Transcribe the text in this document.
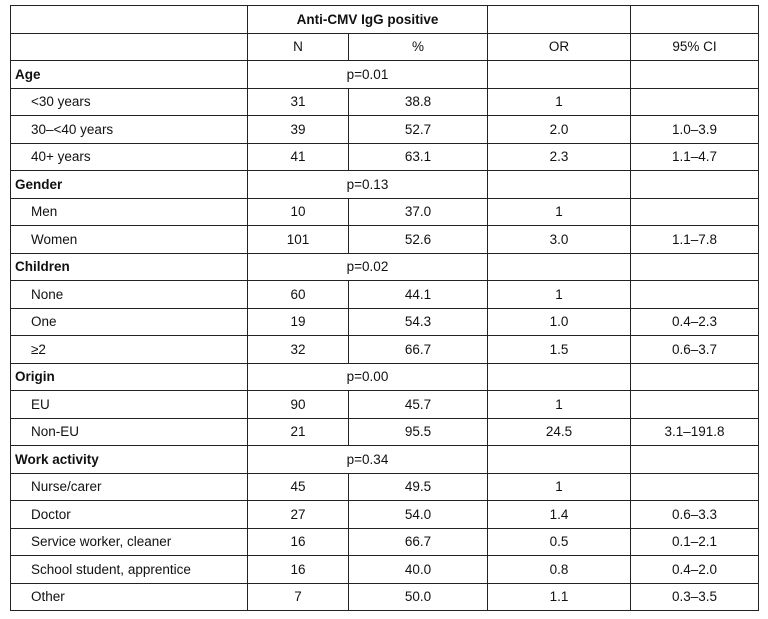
	Anti-CMV IgG positive			
	N	%	OR	95% CI
Age	p=0.01			
<30 years	31	38.8	1	
30–<40 years	39	52.7	2.0	1.0–3.9
40+ years	41	63.1	2.3	1.1–4.7
Gender	p=0.13			
Men	10	37.0	1	
Women	101	52.6	3.0	1.1–7.8
Children	p=0.02			
None	60	44.1	1	
One	19	54.3	1.0	0.4–2.3
≥2	32	66.7	1.5	0.6–3.7
Origin	p=0.00			
EU	90	45.7	1	
Non-EU	21	95.5	24.5	3.1–191.8
Work activity	p=0.34			
Nurse/carer	45	49.5	1	
Doctor	27	54.0	1.4	0.6–3.3
Service worker, cleaner	16	66.7	0.5	0.1–2.1
School student, apprentice	16	40.0	0.8	0.4–2.0
Other	7	50.0	1.1	0.3–3.5
